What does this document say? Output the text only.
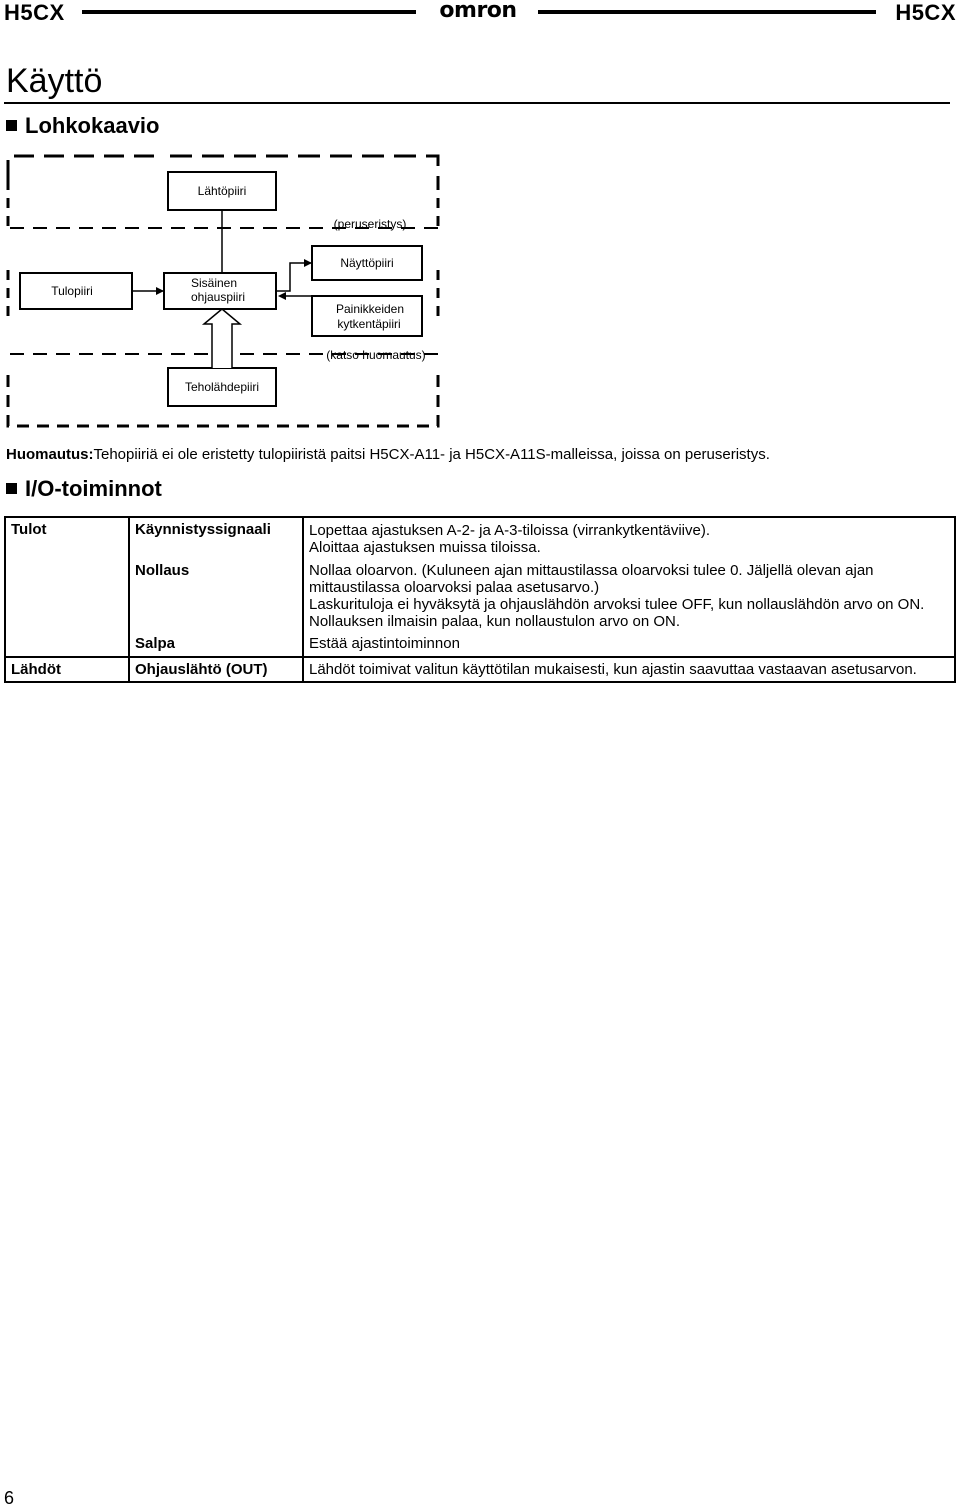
H5CX	omron	H5CX
Käyttö
Lohkokaavio
Lähtöpiiri
(peruseristys)
Tulopiiri
Sisäinen
ohjauspiiri
Näyttöpiiri
Painikkeiden
kytkentäpiiri
(katso huomautus)
Teholähdepiiri
Huomautus:Tehopiiriä ei ole eristetty tulopiiristä paitsi H5CX-A11- ja H5CX-A11S-malleissa, joissa on peruseristys.
I/O-toiminnot
Tulot	Käynnistyssignaali	Lopettaa ajastuksen A-2- ja A-3-tiloissa (virrankytkentäviive).
Aloittaa ajastuksen muissa tiloissa.

	Nollaus	Nollaa oloarvon. (Kuluneen ajan mittaustilassa oloarvoksi tulee 0. Jäljellä olevan ajan
mittaustilassa oloarvoksi palaa asetusarvo.)
Laskurituloja ei hyväksytä ja ohjauslähdön arvoksi tulee OFF, kun nollauslähdön arvo on ON.
Nollauksen ilmaisin palaa, kun nollaustulon arvo on ON.

	Salpa	Estää ajastintoiminnon

Lähdöt	Ohjauslähtö (OUT)	Lähdöt toimivat valitun käyttötilan mukaisesti, kun ajastin saavuttaa vastaavan asetusarvon.
6
